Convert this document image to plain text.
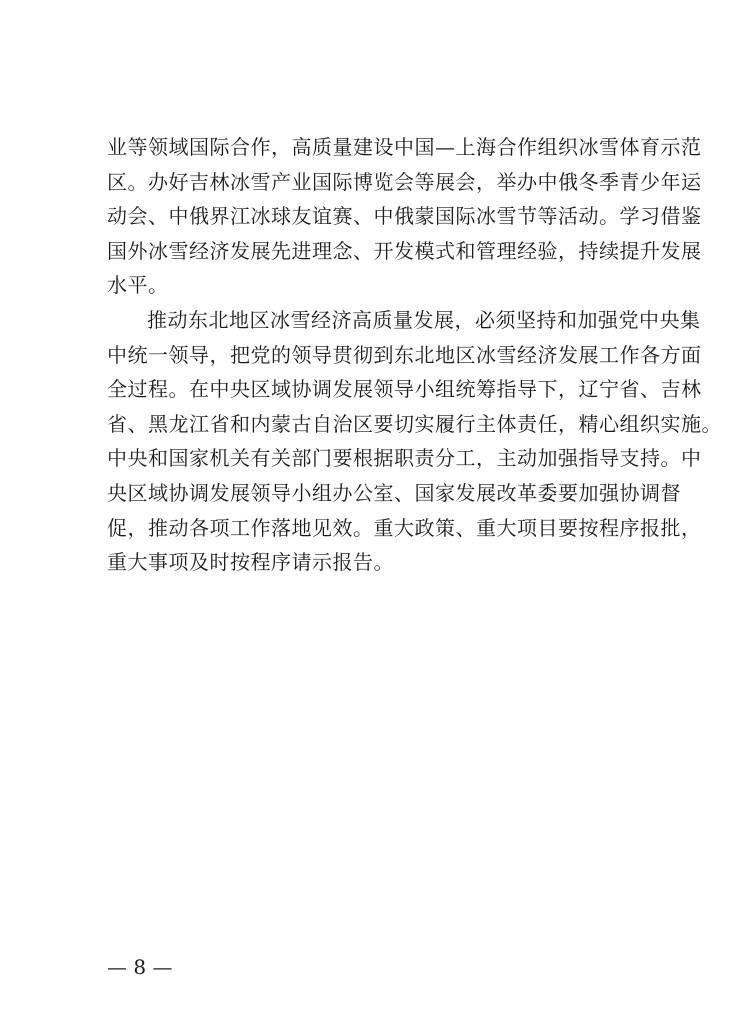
业等领域国际合作，高质量建设中国—上海合作组织冰雪体育示范
区。办好吉林冰雪产业国际博览会等展会，举办中俄冬季青少年运
动会、中俄界江冰球友谊赛、中俄蒙国际冰雪节等活动。学习借鉴
国外冰雪经济发展先进理念、开发模式和管理经验，持续提升发展
水平。
推动东北地区冰雪经济高质量发展，必须坚持和加强党中央集
中统一领导，把党的领导贯彻到东北地区冰雪经济发展工作各方面
全过程。在中央区域协调发展领导小组统筹指导下，辽宁省、吉林
省、黑龙江省和内蒙古自治区要切实履行主体责任，精心组织实施。
中央和国家机关有关部门要根据职责分工，主动加强指导支持。中
央区域协调发展领导小组办公室、国家发展改革委要加强协调督
促，推动各项工作落地见效。重大政策、重大项目要按程序报批，
重大事项及时按程序请示报告。
— 8 —
